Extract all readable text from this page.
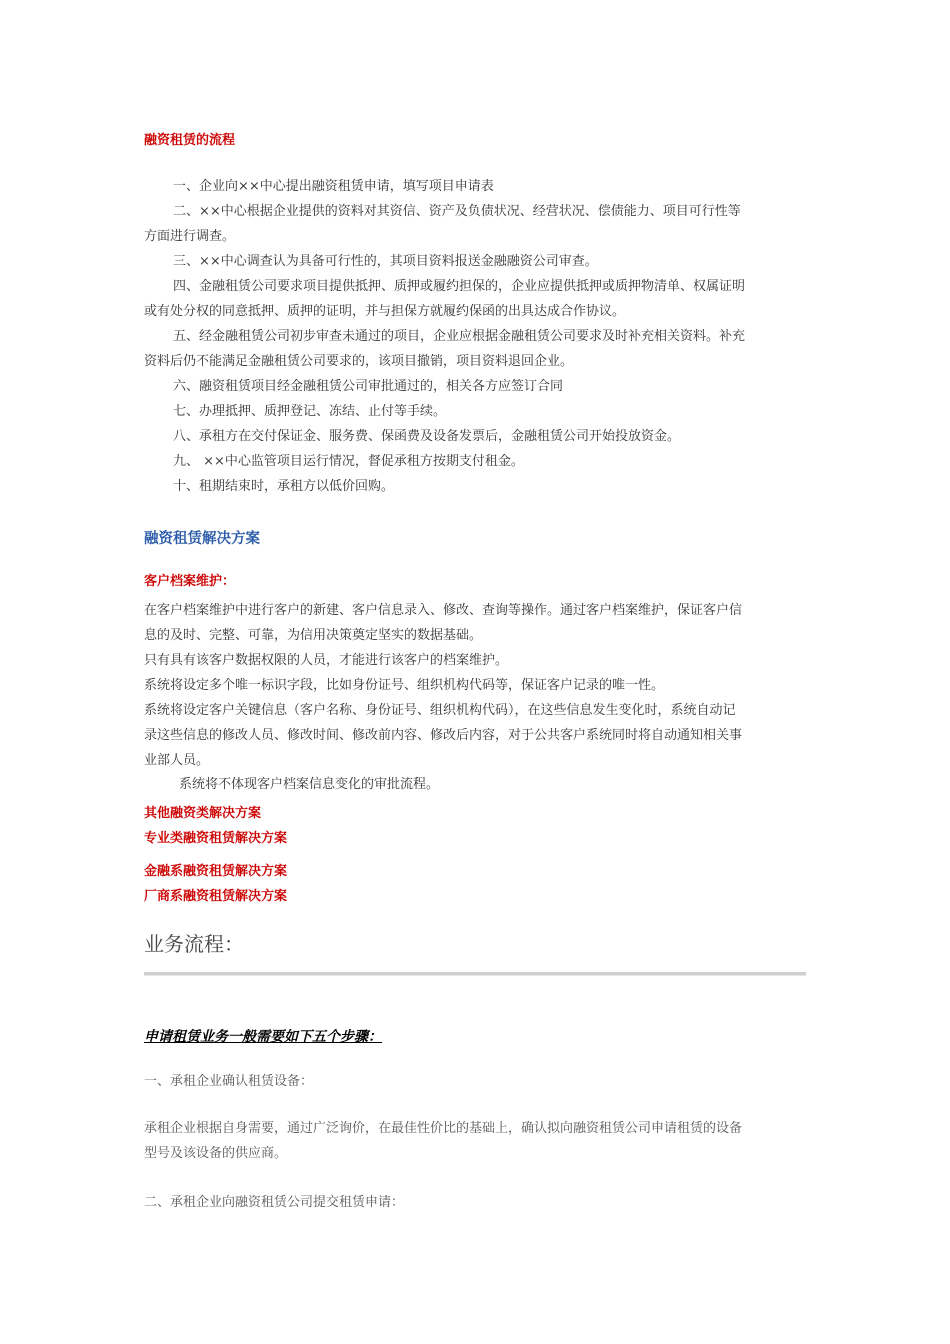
融资租赁的流程
一、企业向××中心提出融资租赁申请，填写项目申请表
二、××中心根据企业提供的资料对其资信、资产及负债状况、经营状况、偿债能力、项目可行性等
方面进行调查。
三、××中心调查认为具备可行性的，其项目资料报送金融融资公司审查。
四、金融租赁公司要求项目提供抵押、质押或履约担保的，企业应提供抵押或质押物清单、权属证明
或有处分权的同意抵押、质押的证明，并与担保方就履约保函的出具达成合作协议。
五、经金融租赁公司初步审查未通过的项目，企业应根据金融租赁公司要求及时补充相关资料。补充
资料后仍不能满足金融租赁公司要求的，该项目撤销，项目资料退回企业。
六、融资租赁项目经金融租赁公司审批通过的，相关各方应签订合同
七、办理抵押、质押登记、冻结、止付等手续。
八、承租方在交付保证金、服务费、保函费及设备发票后，金融租赁公司开始投放资金。
九、 ××中心监管项目运行情况，督促承租方按期支付租金。
十、租期结束时，承租方以低价回购。
融资租赁解决方案
客户档案维护：
在客户档案维护中进行客户的新建、客户信息录入、修改、查询等操作。通过客户档案维护，保证客户信
息的及时、完整、可靠，为信用决策奠定坚实的数据基础。
只有具有该客户数据权限的人员，才能进行该客户的档案维护。
系统将设定多个唯一标识字段，比如身份证号、组织机构代码等，保证客户记录的唯一性。
系统将设定客户关键信息（客户名称、身份证号、组织机构代码），在这些信息发生变化时，系统自动记
录这些信息的修改人员、修改时间、修改前内容、修改后内容，对于公共客户系统同时将自动通知相关事
业部人员。
系统将不体现客户档案信息变化的审批流程。
其他融资类解决方案
专业类融资租赁解决方案
金融系融资租赁解决方案
厂商系融资租赁解决方案
业务流程：
申请租赁业务一般需要如下五个步骤：
一、承租企业确认租赁设备：
承租企业根据自身需要，通过广泛询价，在最佳性价比的基础上，确认拟向融资租赁公司申请租赁的设备
型号及该设备的供应商。
二、承租企业向融资租赁公司提交租赁申请：
